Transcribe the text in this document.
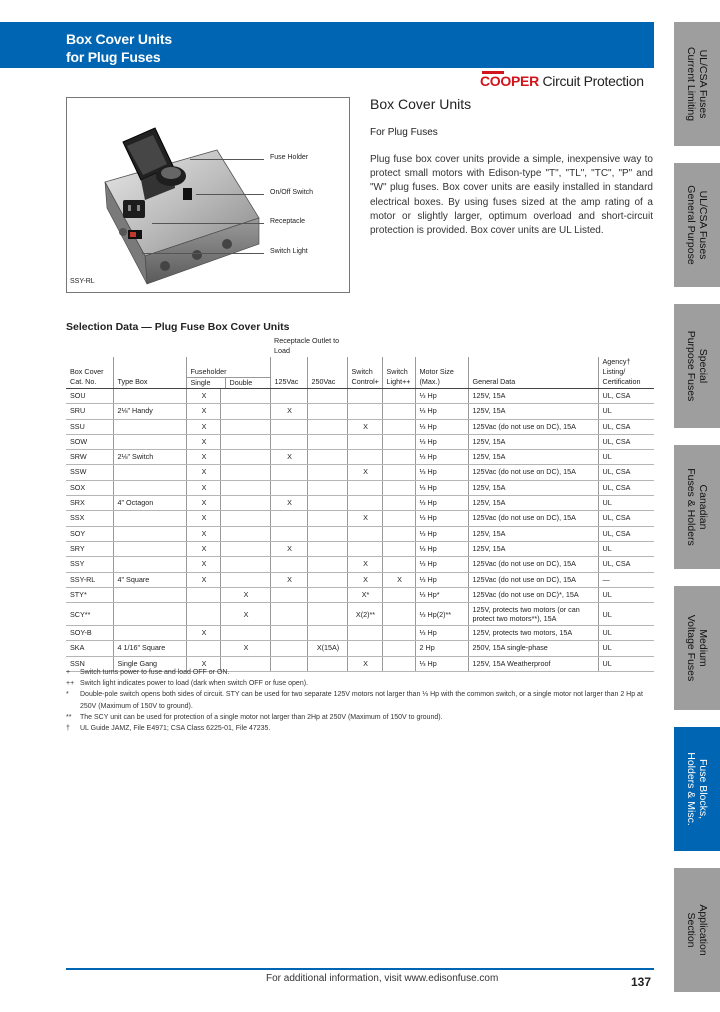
Box Cover Units
for Plug Fuses
COOPER Circuit Protection
Fuse Holder
On/Off Switch
Receptacle
Switch Light
SSY-RL
Box Cover Units
For Plug Fuses
Plug fuse box cover units provide a simple, inexpensive way to protect small motors with Edison-type "T", "TL", "TC", "P" and "W" plug fuses. Box cover units are easily installed in standard electrical boxes. By using fuses sized at the amp rating of a motor or slightly larger, optimum overload and short-circuit protection is provided. Box cover units are UL Listed.
Selection Data — Plug Fuse Box Cover Units
				Receptacle Outlet to Load						
Box Cover Cat. No.	Type Box	Fuseholder
Single Double		125Vac	250Vac	Switch Control+	Switch Light++	Motor Size (Max.)	General Data	Agency† Listing/ Certification
SOU		X						⅓ Hp	125V, 15A	UL, CSA
SRU	2⅛" Handy	X		X				⅓ Hp	125V, 15A	UL
SSU		X				X		⅓ Hp	125Vac (do not use on DC), 15A	UL, CSA
SOW		X						⅓ Hp	125V, 15A	UL, CSA
SRW	2⅛" Switch	X		X				⅓ Hp	125V, 15A	UL
SSW		X				X		⅓ Hp	125Vac (do not use on DC), 15A	UL, CSA
SOX		X						⅓ Hp	125V, 15A	UL, CSA
SRX	4" Octagon	X		X				⅓ Hp	125V, 15A	UL
SSX		X				X		⅓ Hp	125Vac (do not use on DC), 15A	UL, CSA
SOY		X						⅓ Hp	125V, 15A	UL, CSA
SRY		X		X				⅓ Hp	125V, 15A	UL
SSY		X				X		⅓ Hp	125Vac (do not use on DC), 15A	UL, CSA
SSY-RL	4" Square	X		X		X	X	⅓ Hp	125Vac (do not use on DC), 15A	—
STY*			X			X*		⅓ Hp*	125Vac (do not use on DC)*, 15A	UL
SCY**			X			X(2)**		⅓ Hp(2)**	125V, protects two motors (or can protect two motors**), 15A	UL
SOY-B		X						⅓ Hp	125V, protects two motors, 15A	UL
SKA	4 1/16" Square		X		X(15A)			2 Hp	250V, 15A single-phase	UL
SSN	Single Gang	X				X		⅓ Hp	125V, 15A Weatherproof	UL
+ Switch turns power to fuse and load OFF or ON.
++ Switch light indicates power to load (dark when switch OFF or fuse open).
* Double-pole switch opens both sides of circuit. STY can be used for two separate 125V motors not larger than ⅓ Hp with the common switch, or a single motor not larger than 2 Hp at 250V (Maximum of 150V to ground).
** The SCY unit can be used for protection of a single motor not larger than 2Hp at 250V (Maximum of 150V to ground).
† UL Guide JAMZ, File E4971; CSA Class 6225-01, File 47235.
For additional information, visit www.edisonfuse.com	137
UL/CSA Fuses
Current Limiting
UL/CSA Fuses
General Purpose
Special
Purpose Fuses
Canadian
Fuses & Holders
Medium
Voltage Fuses
Fuse Blocks,
Holders & Misc.
Application
Section
